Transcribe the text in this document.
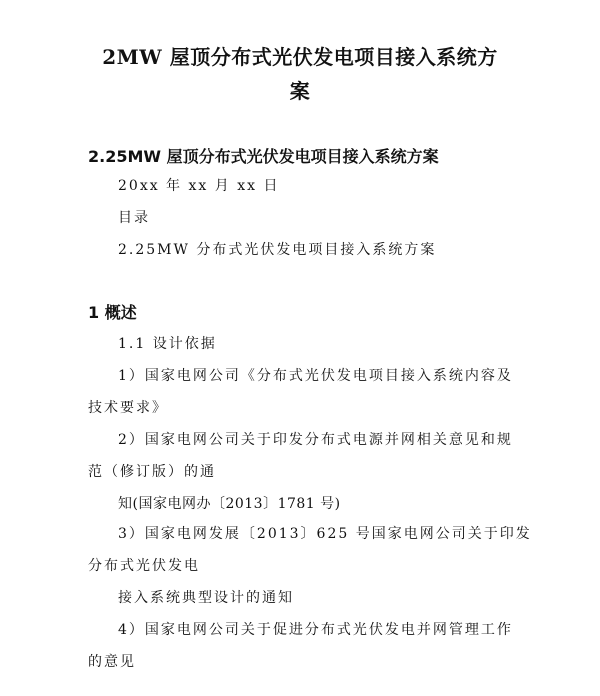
2MW 屋顶分布式光伏发电项目接入系统方
案
2.25MW 屋顶分布式光伏发电项目接入系统方案
20xx 年 xx 月 xx 日
目录
2.25MW 分布式光伏发电项目接入系统方案
1 概述
1.1 设计依据
1）国家电网公司《分布式光伏发电项目接入系统内容及
技术要求》
2）国家电网公司关于印发分布式电源并网相关意见和规
范（修订版）的通
知(国家电网办〔2013〕1781 号)
3）国家电网发展〔2013〕625 号国家电网公司关于印发
分布式光伏发电
接入系统典型设计的通知
4）国家电网公司关于促进分布式光伏发电并网管理工作
的意见
